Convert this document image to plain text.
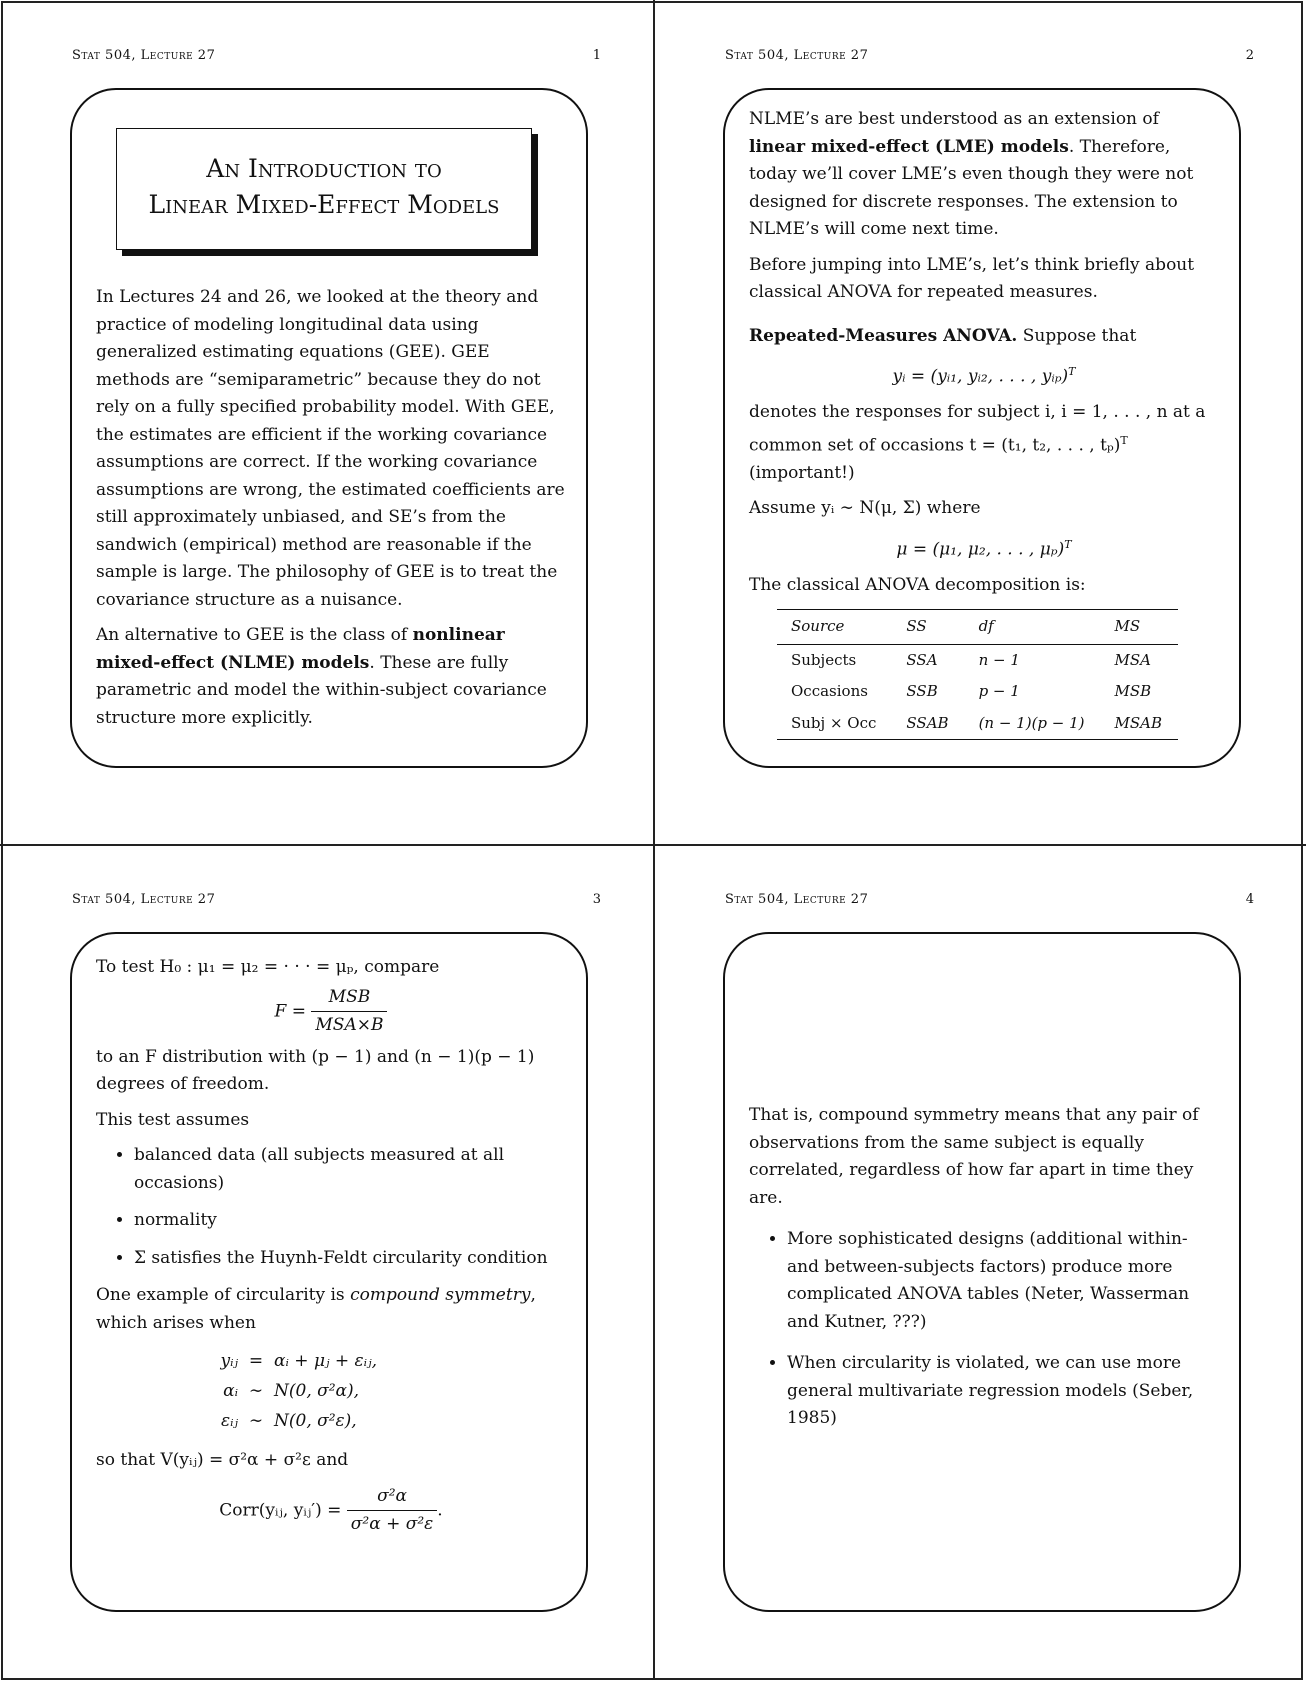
Stat 504, Lecture 27	1
An Introduction to
Linear Mixed-Effect Models

In Lectures 24 and 26, we looked at the theory and practice of modeling longitudinal data using generalized estimating equations (GEE). GEE methods are “semiparametric” because they do not rely on a fully specified probability model. With GEE, the estimates are efficient if the working covariance assumptions are correct. If the working covariance assumptions are wrong, the estimated coefficients are still approximately unbiased, and SE’s from the sandwich (empirical) method are reasonable if the sample is large. The philosophy of GEE is to treat the covariance structure as a nuisance.

An alternative to GEE is the class of nonlinear mixed-effect (NLME) models. These are fully parametric and model the within-subject covariance structure more explicitly.

Stat 504, Lecture 27	2

NLME’s are best understood as an extension of linear mixed-effect (LME) models. Therefore, today we’ll cover LME’s even though they were not designed for discrete responses. The extension to NLME’s will come next time.

Before jumping into LME’s, let’s think briefly about classical ANOVA for repeated measures.

Repeated-Measures ANOVA. Suppose that

yᵢ = (yᵢ₁, yᵢ₂, . . . , yᵢₚ)$^T$

denotes the responses for subject i, i = 1, . . . , n at a common set of occasions t = (t₁, t₂, . . . , tₚ)$^T$
(important!)

Assume yᵢ ∼ N(μ, Σ) where

μ = (μ₁, μ₂, . . . , μₚ)$^T$

The classical ANOVA decomposition is:

Source	SS	df	MS
Subjects	SSA	n − 1	MSA
Occasions	SSB	p − 1	MSB
Subj × Occ	SSAB	(n − 1)(p − 1)	MSAB
Stat 504, Lecture 27	3

To test H₀ : μ₁ = μ₂ = · · · = μₚ, compare

$F = \frac{\text{MSB}}{\text{MSA×B}}$

to an F distribution with (p − 1) and (n − 1)(p − 1) degrees of freedom.

This test assumes

• balanced data (all subjects measured at all occasions)
• normality
• Σ satisfies the Huynh-Feldt circularity condition

One example of circularity is compound symmetry, which arises when

yᵢⱼ = αᵢ + μⱼ + εᵢⱼ,
αᵢ ∼ N(0, σ²α),
εᵢⱼ ∼ N(0, σ²ε),

so that V(yᵢⱼ) = σ²α + σ²ε and

Corr(yᵢⱼ, yᵢⱼ′) = $\frac{\text{σ²α}}{\text{σ²α + σ²ε}}$ .
Stat 504, Lecture 27	4

That is, compound symmetry means that any pair of observations from the same subject is equally correlated, regardless of how far apart in time they are.

• More sophisticated designs (additional within- and between-subjects factors) produce more complicated ANOVA tables (Neter, Wasserman and Kutner, ???)
• When circularity is violated, we can use more general multivariate regression models (Seber, 1985)
